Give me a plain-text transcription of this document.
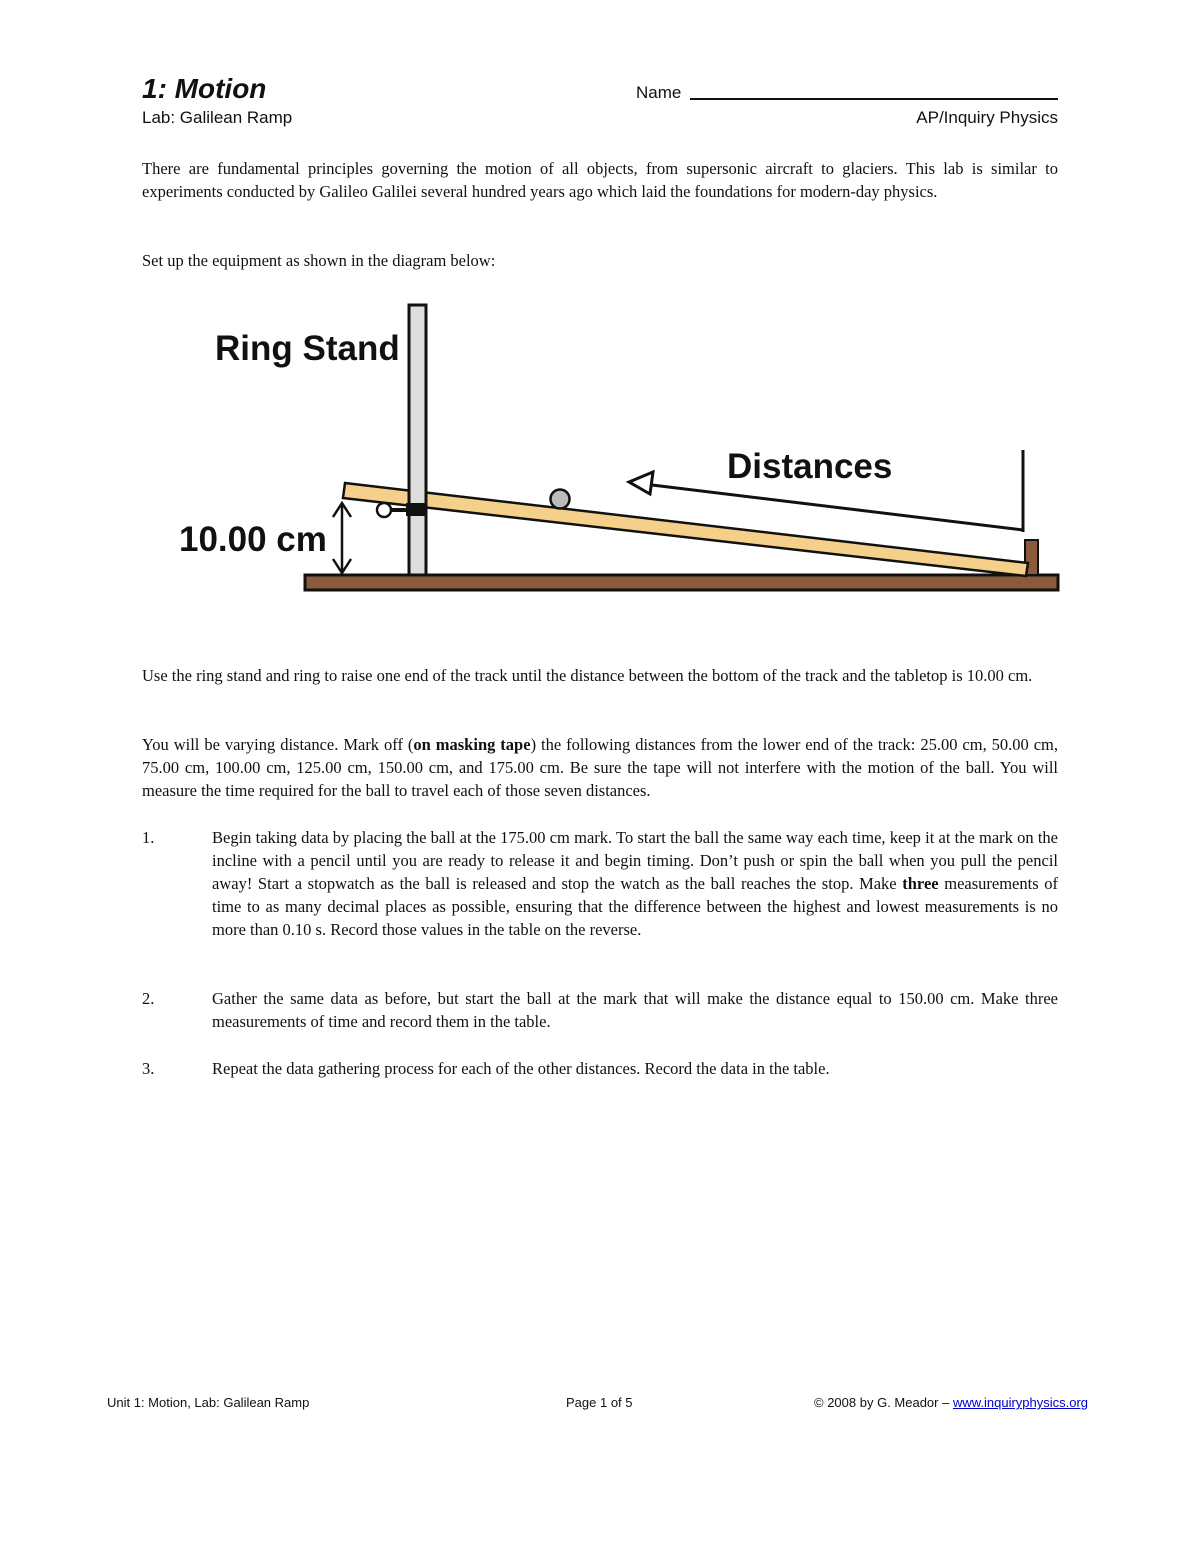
1: Motion
Lab: Galilean Ramp
Name
AP/Inquiry Physics

There are fundamental principles governing the motion of all objects, from supersonic aircraft to glaciers. This lab is similar to experiments conducted by Galileo Galilei several hundred years ago which laid the foundations for modern-day physics.

Set up the equipment as shown in the diagram below:

Ring Stand
Distances
10.00 cm

Use the ring stand and ring to raise one end of the track until the distance between the bottom of the track and the tabletop is 10.00 cm.

You will be varying distance. Mark off (on masking tape) the following distances from the lower end of the track: 25.00 cm, 50.00 cm, 75.00 cm, 100.00 cm, 125.00 cm, 150.00 cm, and 175.00 cm. Be sure the tape will not interfere with the motion of the ball. You will measure the time required for the ball to travel each of those seven distances.

1.	Begin taking data by placing the ball at the 175.00 cm mark. To start the ball the same way each time, keep it at the mark on the incline with a pencil until you are ready to release it and begin timing. Don’t push or spin the ball when you pull the pencil away! Start a stopwatch as the ball is released and stop the watch as the ball reaches the stop. Make three measurements of time to as many decimal places as possible, ensuring that the difference between the highest and lowest measurements is no more than 0.10 s. Record those values in the table on the reverse.

2.	Gather the same data as before, but start the ball at the mark that will make the distance equal to 150.00 cm. Make three measurements of time and record them in the table.

3.	Repeat the data gathering process for each of the other distances. Record the data in the table.

Unit 1: Motion, Lab: Galilean Ramp	Page 1 of 5	© 2008 by G. Meador – www.inquiryphysics.org
